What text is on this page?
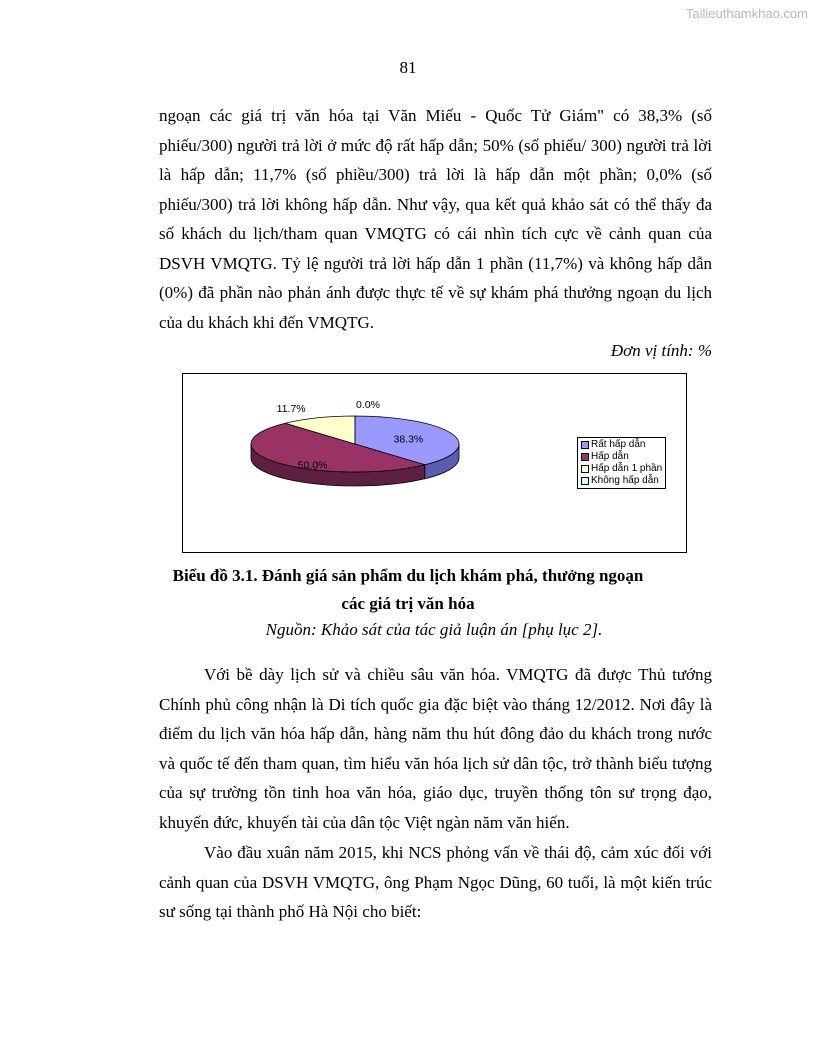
Tailieuthamkhao.com
81

ngoạn các giá trị văn hóa tại Văn Miếu - Quốc Tử Giám" có 38,3% (số phiếu/300) người trả lời ở mức độ rất hấp dẫn; 50% (số phiếu/ 300) người trả lời là hấp dẫn; 11,7% (số phiều/300) trả lời là hấp dẫn một phần; 0,0% (số phiếu/300) trả lời không hấp dẫn. Như vậy, qua kết quả khảo sát có thể thấy đa số khách du lịch/tham quan VMQTG có cái nhìn tích cực về cảnh quan của DSVH VMQTG. Tỷ lệ người trả lời hấp dẫn 1 phần (11,7%) và không hấp dẫn (0%) đã phần nào phản ánh được thực tế về sự khám phá thưởng ngoạn du lịch của du khách khi đến VMQTG.

Đơn vị tính: %
38.3%
50.0%
11.7%	0.0%
Rất hấp dẫn
Hấp dẫn
Hấp dẫn 1 phần
Không hấp dẫn

Biểu đồ 3.1. Đánh giá sản phẩm du lịch khám phá, thưởng ngoạn

các giá trị văn hóa

Nguồn: Khảo sát của tác giả luận án [phụ lục 2].

Với bề dày lịch sử và chiều sâu văn hóa. VMQTG đã được Thủ tướng Chính phủ công nhận là Di tích quốc gia đặc biệt vào tháng 12/2012. Nơi đây là điểm du lịch văn hóa hấp dẫn, hàng năm thu hút đông đảo du khách trong nước và quốc tế đến tham quan, tìm hiểu văn hóa lịch sử dân tộc, trở thành biểu tượng của sự trường tồn tinh hoa văn hóa, giáo dục, truyền thống tôn sư trọng đạo, khuyến đức, khuyến tài của dân tộc Việt ngàn năm văn hiến.

Vào đầu xuân năm 2015, khi NCS phỏng vấn về thái độ, cảm xúc đối với cảnh quan của DSVH VMQTG, ông Phạm Ngọc Dũng, 60 tuổi, là một kiến trúc sư sống tại thành phố Hà Nội cho biết:
